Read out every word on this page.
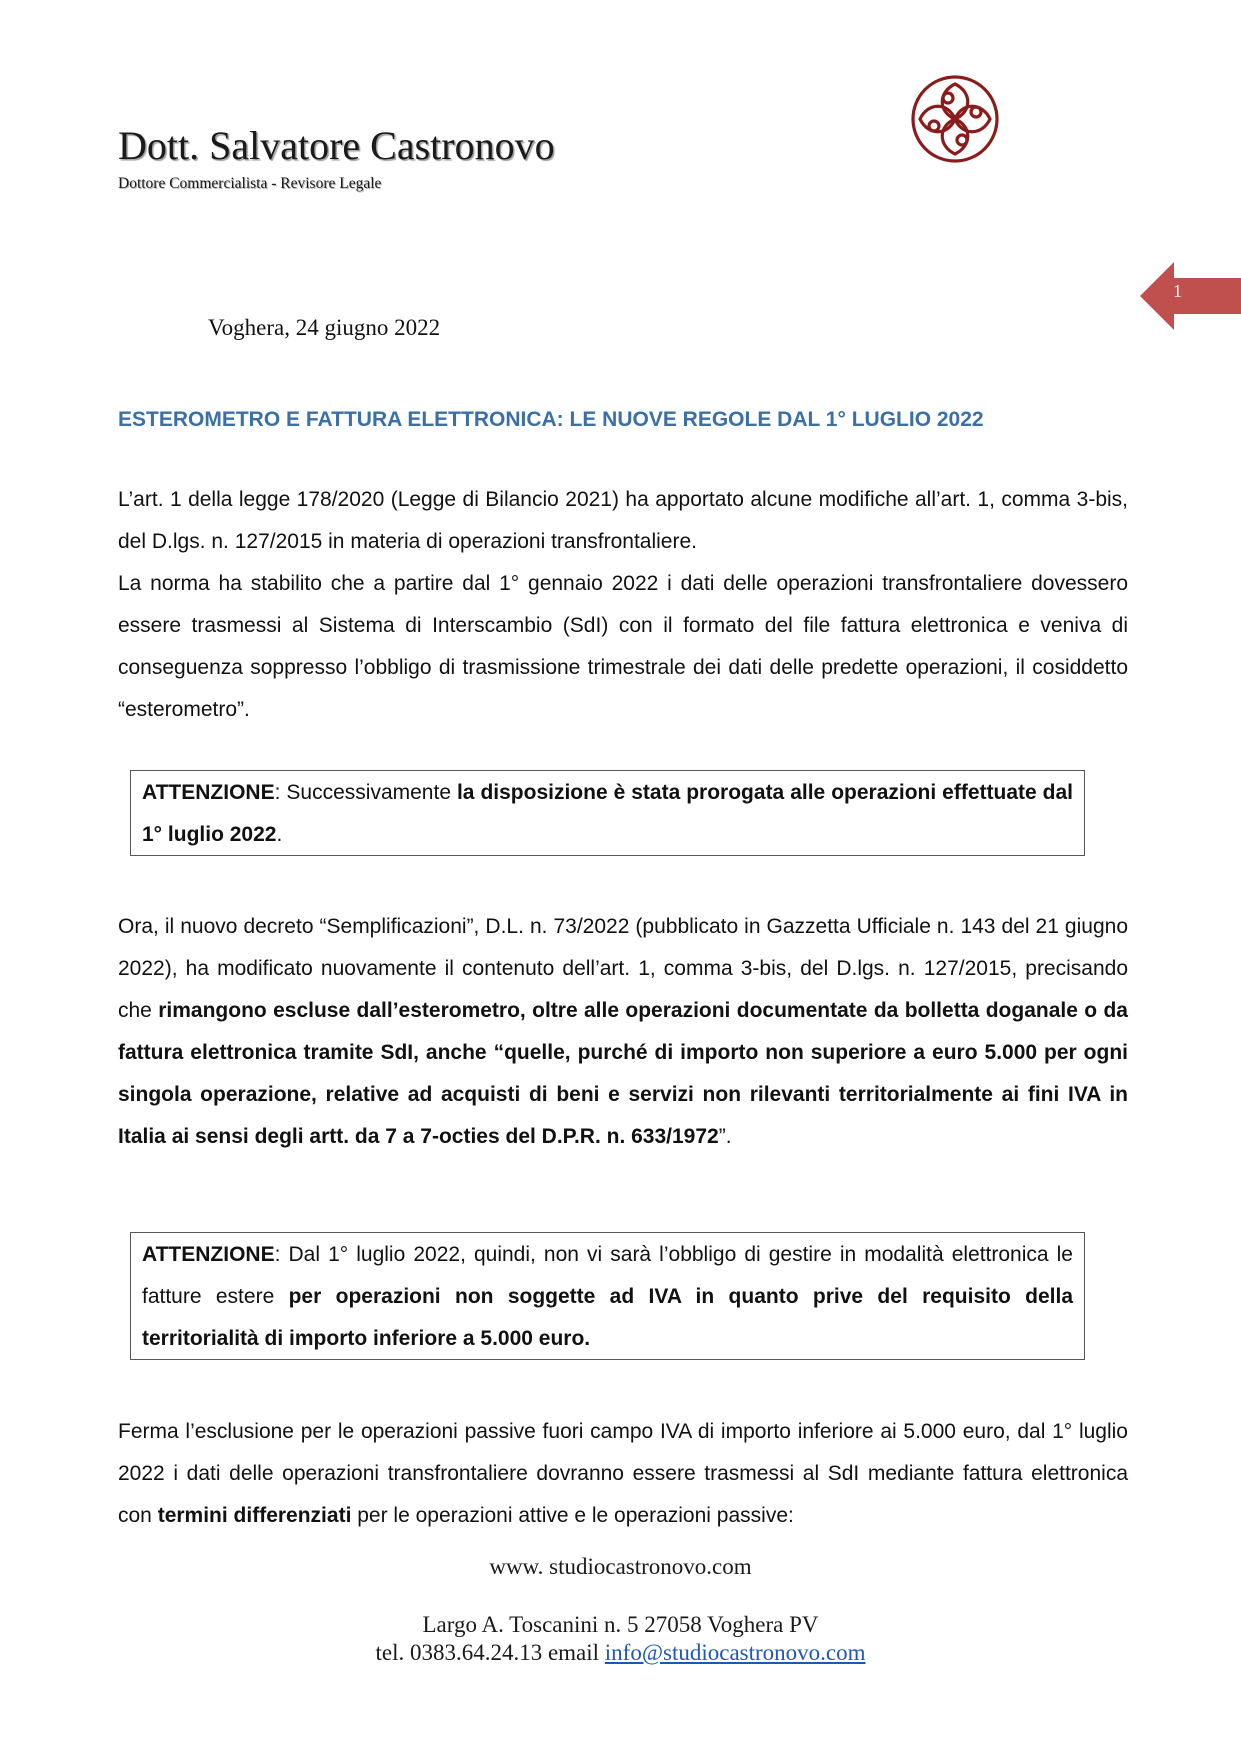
Dott. Salvatore Castronovo
Dottore Commercialista - Revisore Legale
1
Voghera, 24 giugno 2022
ESTEROMETRO E FATTURA ELETTRONICA: LE NUOVE REGOLE DAL 1° LUGLIO 2022
L’art. 1 della legge 178/2020 (Legge di Bilancio 2021) ha apportato alcune modifiche all’art. 1, comma 3-bis, del D.lgs. n. 127/2015 in materia di operazioni transfrontaliere.
La norma ha stabilito che a partire dal 1° gennaio 2022 i dati delle operazioni transfrontaliere dovessero essere trasmessi al Sistema di Interscambio (SdI) con il formato del file fattura elettronica e veniva di conseguenza soppresso l’obbligo di trasmissione trimestrale dei dati delle predette operazioni, il cosiddetto “esterometro”.
ATTENZIONE: Successivamente la disposizione è stata prorogata alle operazioni effettuate dal 1° luglio 2022.
Ora, il nuovo decreto “Semplificazioni”, D.L. n. 73/2022 (pubblicato in Gazzetta Ufficiale n. 143 del 21 giugno 2022), ha modificato nuovamente il contenuto dell’art. 1, comma 3-bis, del D.lgs. n. 127/2015, precisando che rimangono escluse dall’esterometro, oltre alle operazioni documentate da bolletta doganale o da fattura elettronica tramite SdI, anche “quelle, purché di importo non superiore a euro 5.000 per ogni singola operazione, relative ad acquisti di beni e servizi non rilevanti territorialmente ai fini IVA in Italia ai sensi degli artt. da 7 a 7-octies del D.P.R. n. 633/1972”.
ATTENZIONE: Dal 1° luglio 2022, quindi, non vi sarà l’obbligo di gestire in modalità elettronica le fatture estere per operazioni non soggette ad IVA in quanto prive del requisito della territorialità di importo inferiore a 5.000 euro.
Ferma l’esclusione per le operazioni passive fuori campo IVA di importo inferiore ai 5.000 euro, dal 1° luglio 2022 i dati delle operazioni transfrontaliere dovranno essere trasmessi al SdI mediante fattura elettronica con termini differenziati per le operazioni attive e le operazioni passive:
www. studiocastronovo.com
Largo A. Toscanini n. 5 27058 Voghera PV
tel. 0383.64.24.13 email info@studiocastronovo.com
